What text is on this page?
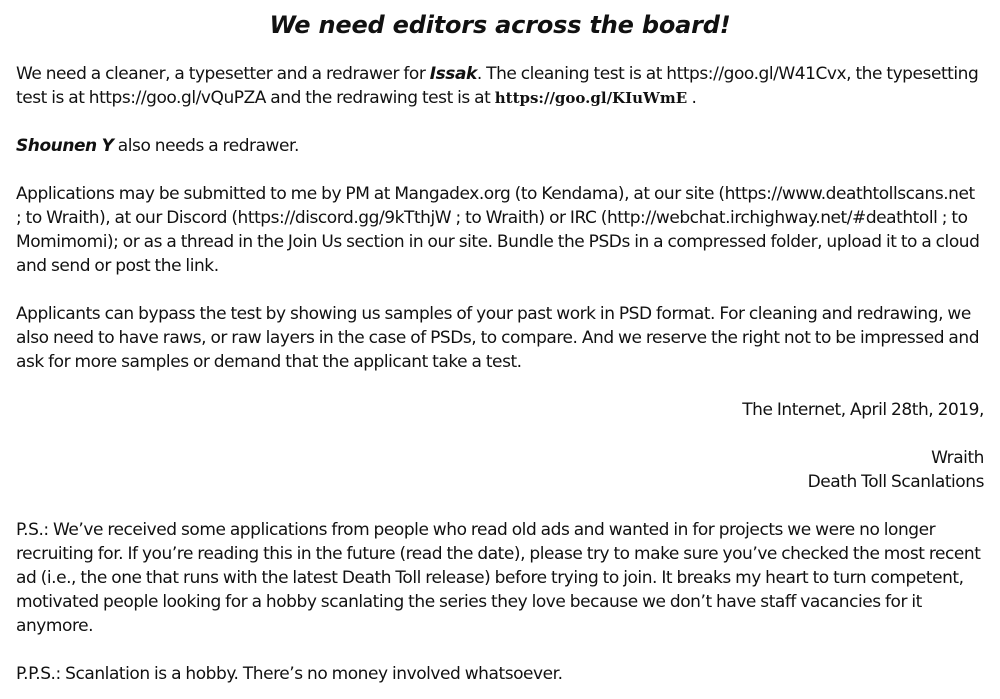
We need editors across the board!

We need a cleaner, a typesetter and a redrawer for Issak. The cleaning test is at https://goo.gl/W41Cvx, the typesetting test is at https://goo.gl/vQuPZA and the redrawing test is at https://goo.gl/KIuWmE .

Shounen Y also needs a redrawer.

Applications may be submitted to me by PM at Mangadex.org (to Kendama), at our site (https://www.deathtollscans.net ; to Wraith), at our Discord (https://discord.gg/9kTthjW ; to Wraith) or IRC (http://webchat.irchighway.net/#deathtoll ; to Momimomi); or as a thread in the Join Us section in our site. Bundle the PSDs in a compressed folder, upload it to a cloud and send or post the link.

Applicants can bypass the test by showing us samples of your past work in PSD format. For cleaning and redrawing, we also need to have raws, or raw layers in the case of PSDs, to compare. And we reserve the right not to be impressed and ask for more samples or demand that the applicant take a test.

The Internet, April 28th, 2019,

Wraith

Death Toll Scanlations

P.S.: We’ve received some applications from people who read old ads and wanted in for projects we were no longer recruiting for. If you’re reading this in the future (read the date), please try to make sure you’ve checked the most recent ad (i.e., the one that runs with the latest Death Toll release) before trying to join. It breaks my heart to turn competent, motivated people looking for a hobby scanlating the series they love because we don’t have staff vacancies for it anymore.

P.P.S.: Scanlation is a hobby. There’s no money involved whatsoever.
